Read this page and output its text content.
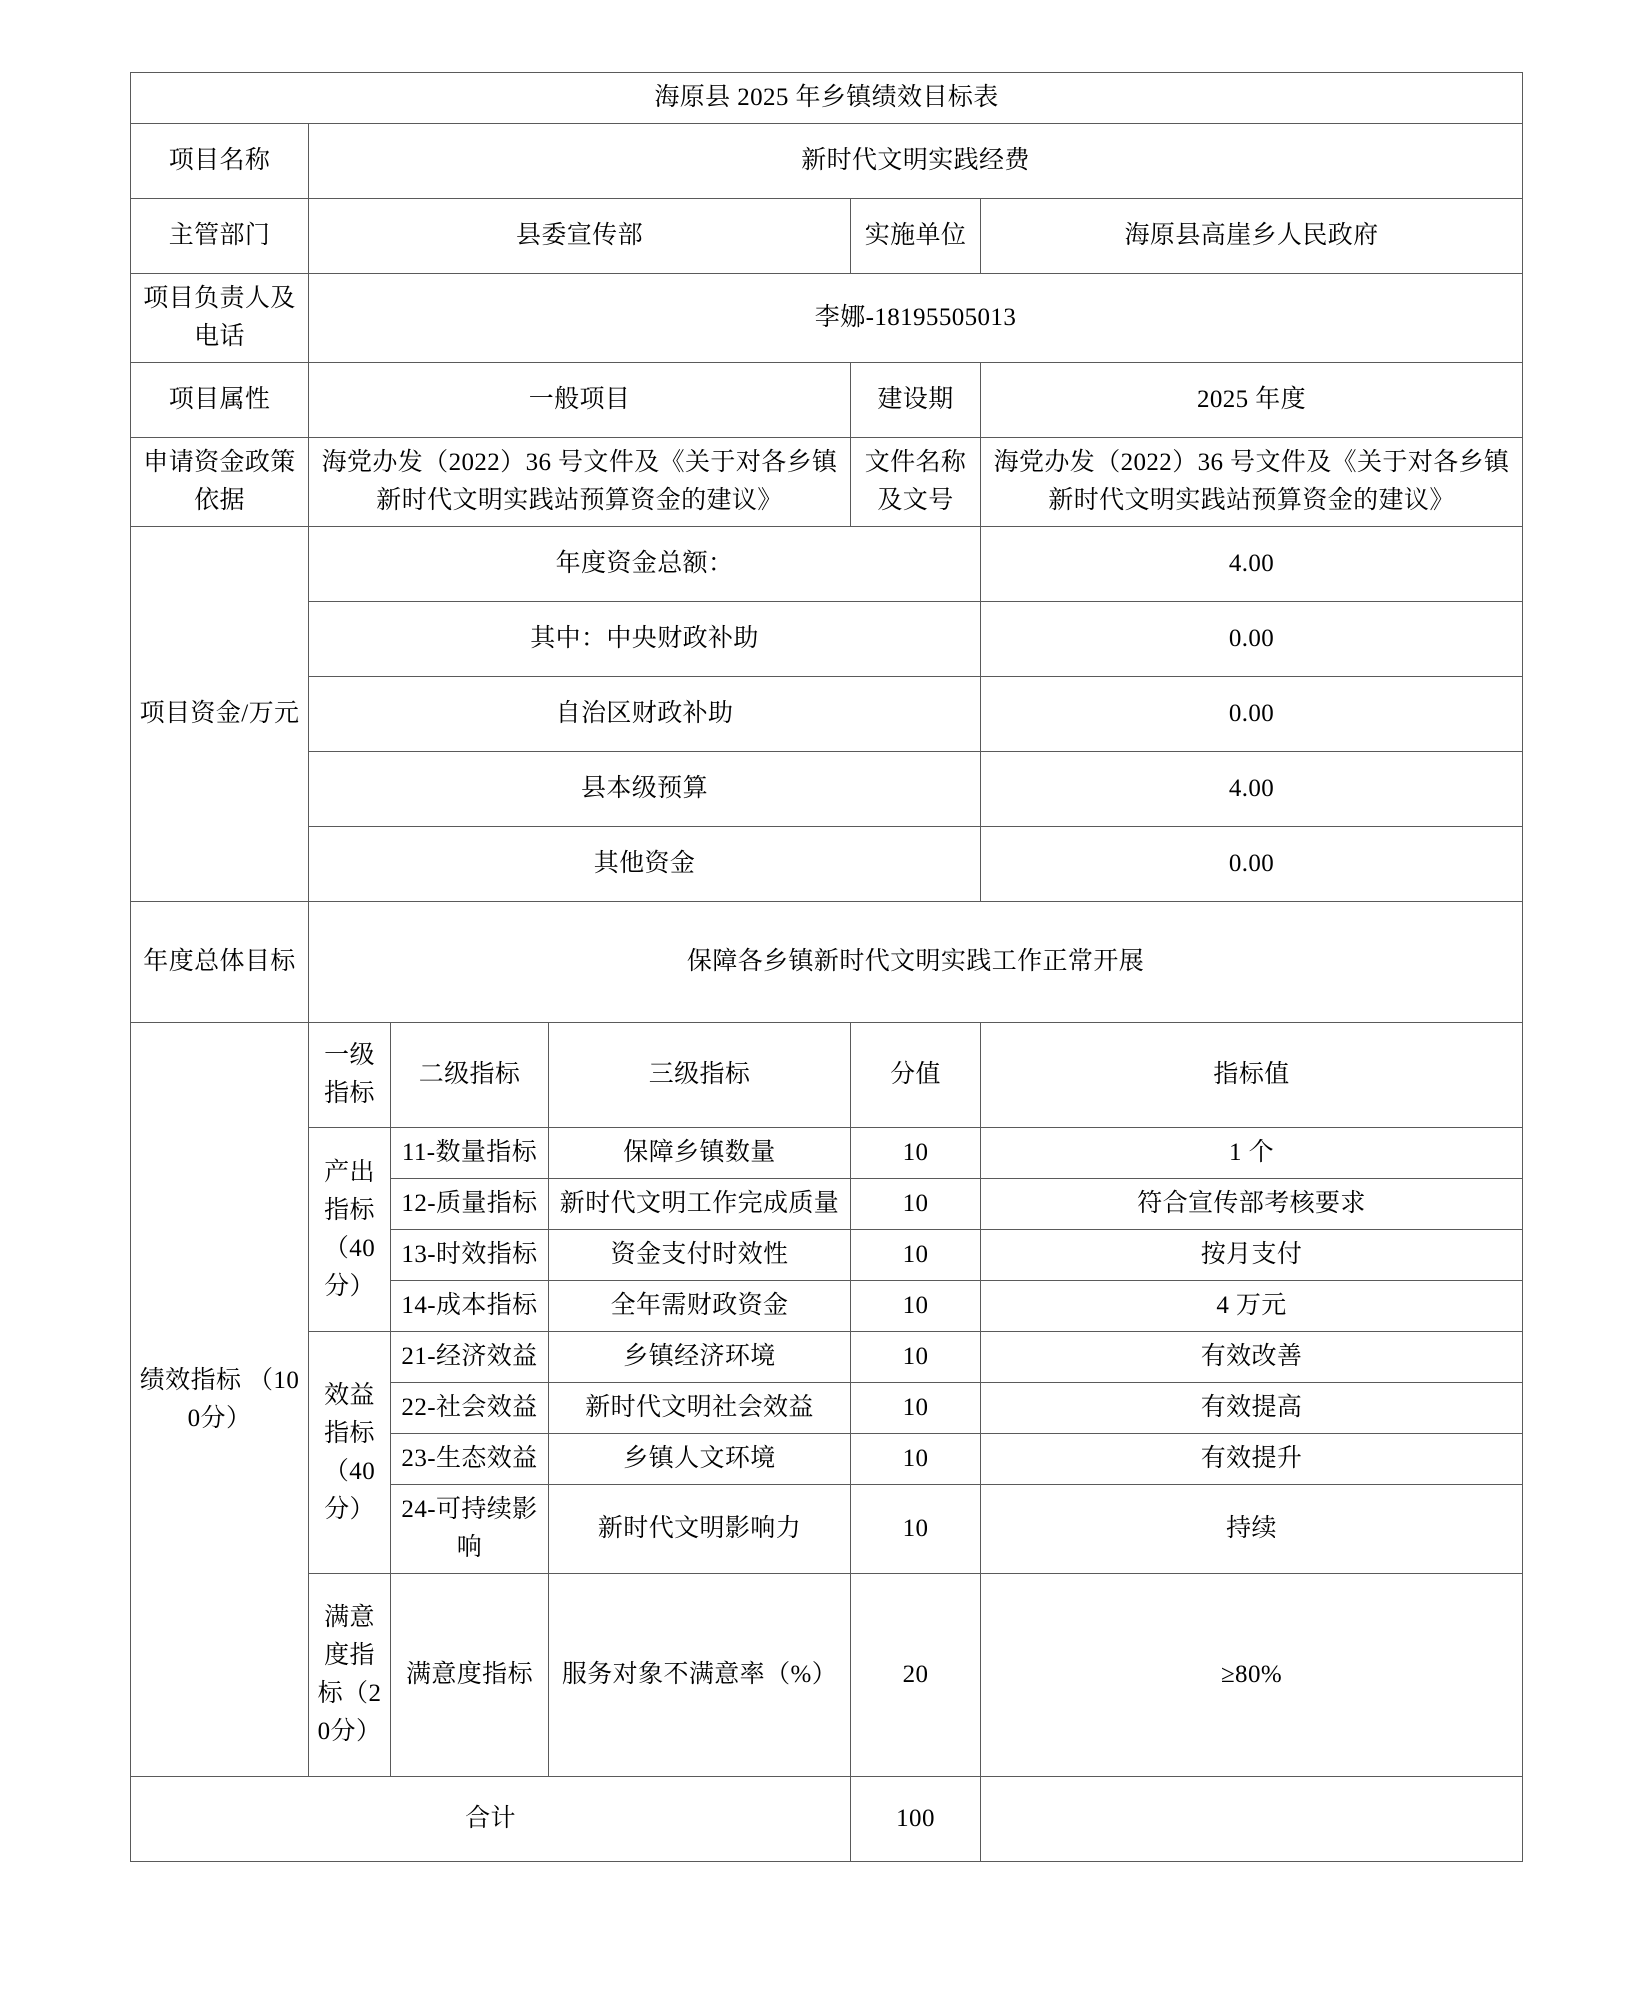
海原县 2025 年乡镇绩效目标表					
项目名称	新时代文明实践经费				
主管部门	县委宣传部			实施单位	海原县高崖乡人民政府
项目负责人及电话	李娜-18195505013				
项目属性	一般项目			建设期	2025 年度
申请资金政策依据	海党办发（2022）36 号文件及《关于对各乡镇新时代文明实践站预算资金的建议》			文件名称及文号	海党办发（2022）36 号文件及《关于对各乡镇新时代文明实践站预算资金的建议》
项目资金/万元	年度资金总额：				4.00
	其中：中央财政补助				0.00
	自治区财政补助				0.00
	县本级预算				4.00
	其他资金				0.00
年度总体目标	保障各乡镇新时代文明实践工作正常开展				
绩效指标 （100分）	一级指标	二级指标	三级指标	分值	指标值
	产出指标（40分）	11-数量指标	保障乡镇数量	10	1 个
		12-质量指标	新时代文明工作完成质量	10	符合宣传部考核要求
		13-时效指标	资金支付时效性	10	按月支付
		14-成本指标	全年需财政资金	10	4 万元
	效益指标（40分）	21-经济效益	乡镇经济环境	10	有效改善
		22-社会效益	新时代文明社会效益	10	有效提高
		23-生态效益	乡镇人文环境	10	有效提升
		24-可持续影响	新时代文明影响力	10	持续
	满意度指标（20分）	满意度指标	服务对象不满意率（%）	20	≥80%
合计				100	
